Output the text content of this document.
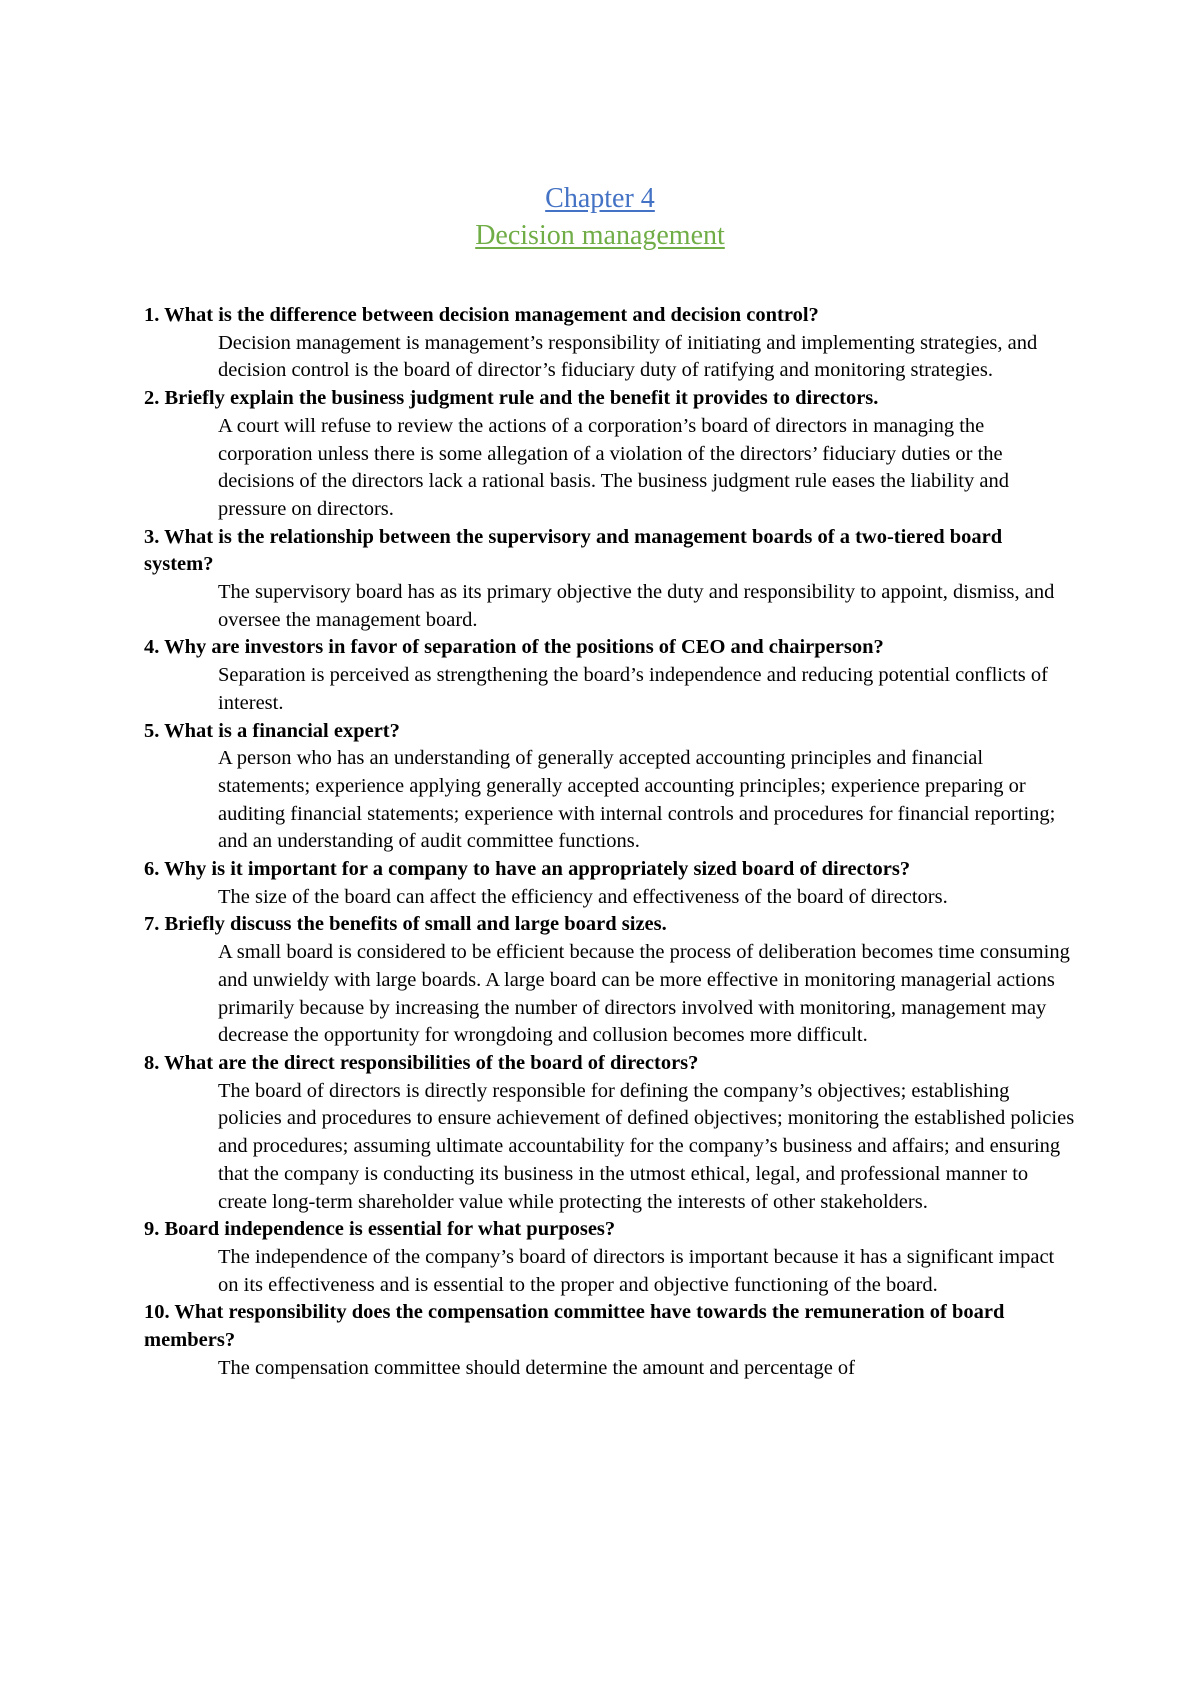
Chapter 4
Decision management

1. What is the difference between decision management and decision control?

Decision management is management’s responsibility of initiating and implementing strategies, and decision control is the board of director’s fiduciary duty of ratifying and monitoring strategies.

2. Briefly explain the business judgment rule and the benefit it provides to directors.

A court will refuse to review the actions of a corporation’s board of directors in managing the corporation unless there is some allegation of a violation of the directors’ fiduciary duties or the decisions of the directors lack a rational basis. The business judgment rule eases the liability and pressure on directors.

3. What is the relationship between the supervisory and management boards of a two-tiered board system?

The supervisory board has as its primary objective the duty and responsibility to appoint, dismiss, and oversee the management board.

4. Why are investors in favor of separation of the positions of CEO and chairperson?

Separation is perceived as strengthening the board’s independence and reducing potential conflicts of interest.

5. What is a financial expert?

A person who has an understanding of generally accepted accounting principles and financial statements; experience applying generally accepted accounting principles; experience preparing or auditing financial statements; experience with internal controls and procedures for financial reporting; and an understanding of audit committee functions.

6. Why is it important for a company to have an appropriately sized board of directors?

The size of the board can affect the efficiency and effectiveness of the board of directors.

7. Briefly discuss the benefits of small and large board sizes.

A small board is considered to be efficient because the process of deliberation becomes time consuming and unwieldy with large boards. A large board can be more effective in monitoring managerial actions primarily because by increasing the number of directors involved with monitoring, management may decrease the opportunity for wrongdoing and collusion becomes more difficult.

8. What are the direct responsibilities of the board of directors?

The board of directors is directly responsible for defining the company’s objectives; establishing policies and procedures to ensure achievement of defined objectives; monitoring the established policies and procedures; assuming ultimate accountability for the company’s business and affairs; and ensuring that the company is conducting its business in the utmost ethical, legal, and professional manner to create long-term shareholder value while protecting the interests of other stakeholders.

9. Board independence is essential for what purposes?

The independence of the company’s board of directors is important because it has a significant impact on its effectiveness and is essential to the proper and objective functioning of the board.

10. What responsibility does the compensation committee have towards the remuneration of board members?

The compensation committee should determine the amount and percentage of
